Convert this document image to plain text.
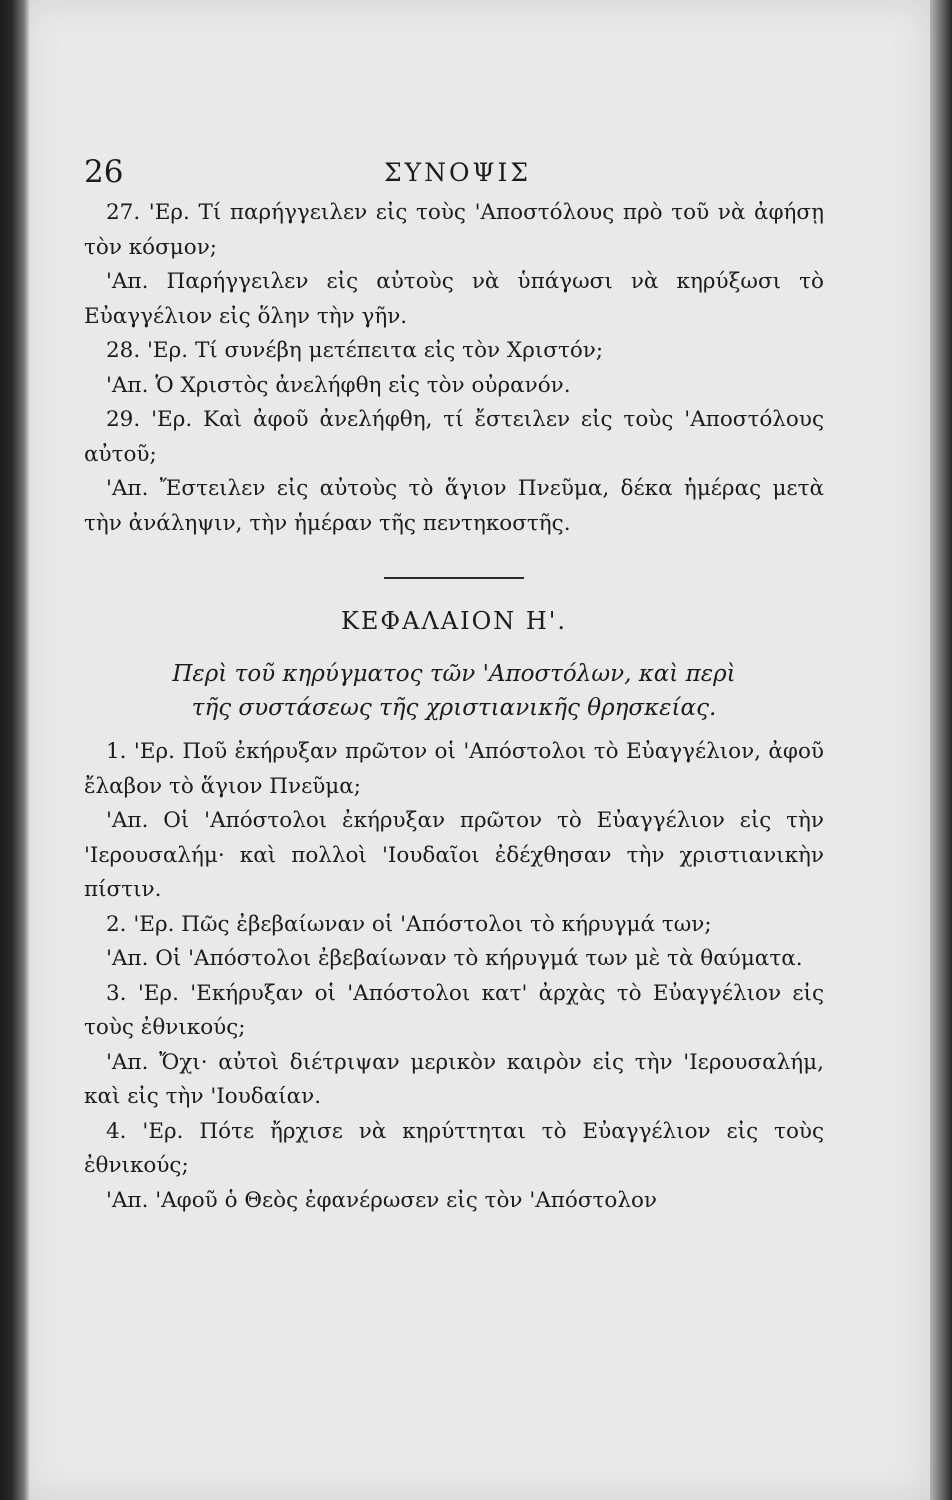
26	ΣΥΝΟΨΙΣ

27. 'Ερ. Τί παρήγγειλεν εἰς τοὺς 'Αποστόλους πρὸ τοῦ νὰ ἀφήσῃ τὸν κόσμον;

'Απ. Παρήγγειλεν εἰς αὐτοὺς νὰ ὑπάγωσι νὰ κηρύξωσι τὸ Εὐαγγέλιον εἰς ὅλην τὴν γῆν.

28. 'Ερ. Τί συνέβη μετέπειτα εἰς τὸν Χριστόν;

'Απ. Ὁ Χριστὸς ἀνελήφθη εἰς τὸν οὐρανόν.

29. 'Ερ. Καὶ ἀφοῦ ἀνελήφθη, τί ἔστειλεν εἰς τοὺς 'Αποστόλους αὐτοῦ;

'Απ. Ἔστειλεν εἰς αὐτοὺς τὸ ἅγιον Πνεῦμα, δέκα ἡμέρας μετὰ τὴν ἀνάληψιν, τὴν ἡμέραν τῆς πεντηκοστῆς.

ΚΕΦΑΛΑΙΟΝ Η'.

Περὶ τοῦ κηρύγματος τῶν 'Αποστόλων, καὶ περὶ
τῆς συστάσεως τῆς χριστιανικῆς θρησκείας.

1. 'Ερ. Ποῦ ἐκήρυξαν πρῶτον οἱ 'Απόστολοι τὸ Εὐαγγέλιον, ἀφοῦ ἔλαβον τὸ ἅγιον Πνεῦμα;

'Απ. Οἱ 'Απόστολοι ἐκήρυξαν πρῶτον τὸ Εὐαγγέλιον εἰς τὴν 'Ιερουσαλήμ· καὶ πολλοὶ 'Ιουδαῖοι ἐδέχθησαν τὴν χριστιανικὴν πίστιν.

2. 'Ερ. Πῶς ἐβεβαίωναν οἱ 'Απόστολοι τὸ κήρυγμά των;

'Απ. Οἱ 'Απόστολοι ἐβεβαίωναν τὸ κήρυγμά των μὲ τὰ θαύματα.

3. 'Ερ. 'Εκήρυξαν οἱ 'Απόστολοι κατ' ἀρχὰς τὸ Εὐαγγέλιον εἰς τοὺς ἐθνικούς;

'Απ. Ὄχι· αὐτοὶ διέτριψαν μερικὸν καιρὸν εἰς τὴν 'Ιερουσαλήμ, καὶ εἰς τὴν 'Ιουδαίαν.

4. 'Ερ. Πότε ἤρχισε νὰ κηρύττηται τὸ Εὐαγγέλιον εἰς τοὺς ἐθνικούς;

'Απ. 'Αφοῦ ὁ Θεὸς ἐφανέρωσεν εἰς τὸν 'Απόστολον
